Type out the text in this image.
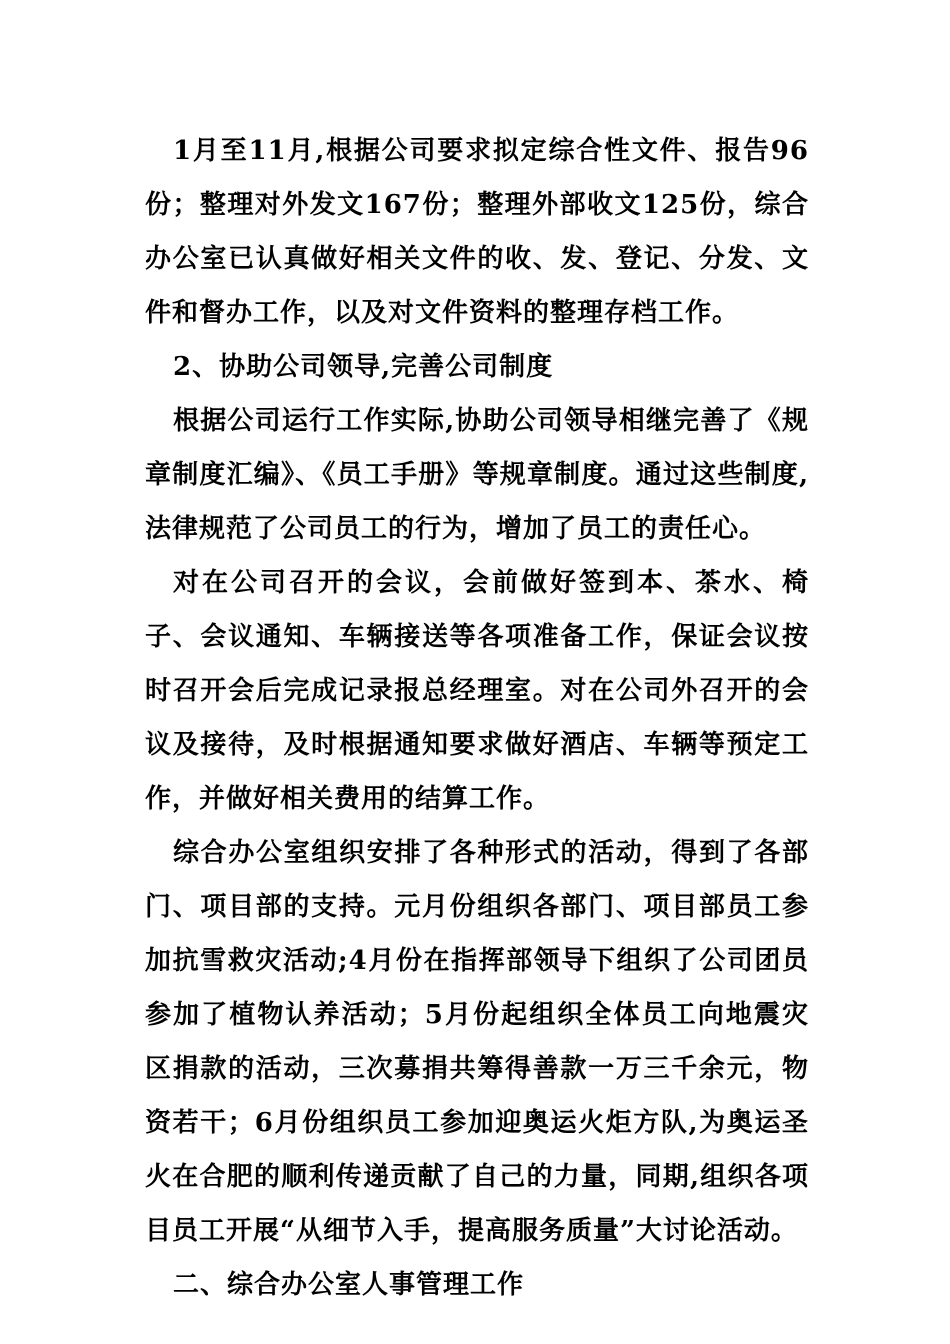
1月至11月,根据公司要求拟定综合性文件、报告96份；整理对外发文167份；整理外部收文125份，综合办公室已认真做好相关文件的收、发、登记、分发、文件和督办工作，以及对文件资料的整理存档工作。

2、协助公司领导,完善公司制度

根据公司运行工作实际,协助公司领导相继完善了《规章制度汇编》、《员工手册》等规章制度。通过这些制度,法律规范了公司员工的行为，增加了员工的责任心。

对在公司召开的会议，会前做好签到本、茶水、椅子、会议通知、车辆接送等各项准备工作，保证会议按时召开会后完成记录报总经理室。对在公司外召开的会议及接待，及时根据通知要求做好酒店、车辆等预定工作，并做好相关费用的结算工作。

综合办公室组织安排了各种形式的活动，得到了各部门、项目部的支持。元月份组织各部门、项目部员工参加抗雪救灾活动;4月份在指挥部领导下组织了公司团员参加了植物认养活动；5月份起组织全体员工向地震灾区捐款的活动，三次募捐共筹得善款一万三千余元，物资若干；6月份组织员工参加迎奥运火炬方队,为奥运圣火在合肥的顺利传递贡献了自己的力量，同期,组织各项目员工开展“从细节入手，提高服务质量”大讨论活动。

二、综合办公室人事管理工作
